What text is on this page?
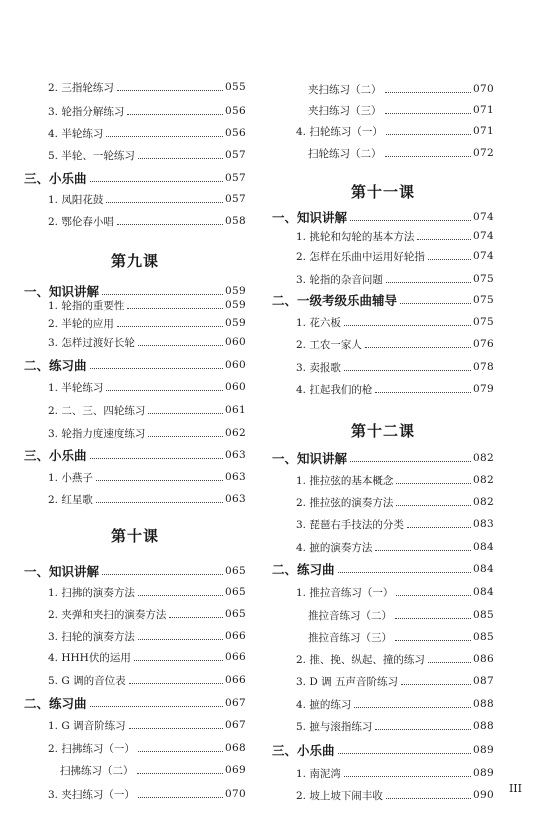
2. 三指轮练习	055
3. 轮指分解练习	056
4. 半轮练习	056
5. 半轮、一轮练习	057
三、小乐曲	057
1. 凤阳花鼓	057
2. 鄂伦春小唱	058
第九课
一、知识讲解	059
1. 轮指的重要性	059
2. 半轮的应用	059
3. 怎样过渡好长轮	060
二、练习曲	060
1. 半轮练习	060
2. 二、三、四轮练习	061
3. 轮指力度速度练习	062
三、小乐曲	063
1. 小燕子	063
2. 红星歌	063
第十课
一、知识讲解	065
1. 扫拂的演奏方法	065
2. 夹弹和夹扫的演奏方法	065
3. 扫轮的演奏方法	066
4. HHH伏的运用	066
5. G 调的音位表	066
二、练习曲	067
1. G 调音阶练习	067
2. 扫拂练习（一）	068
扫拂练习（二）	069
3. 夹扫练习（一）	070
夹扫练习（二）	070
夹扫练习（三）	071
4. 扫轮练习（一）	071
扫轮练习（二）	072
第十一课
一、知识讲解	074
1. 挑轮和勾轮的基本方法	074
2. 怎样在乐曲中运用好轮指	074
3. 轮指的杂音问题	075
二、一级考级乐曲辅导	075
1. 花六板	075
2. 工农一家人	076
3. 卖报歌	078
4. 扛起我们的枪	079
第十二课
一、知识讲解	082
1. 推拉弦的基本概念	082
2. 推拉弦的演奏方法	082
3. 琵琶右手技法的分类	083
4. 摭的演奏方法	084
二、练习曲	084
1. 推拉音练习（一）	084
推拉音练习（二）	085
推拉音练习（三）	085
2. 推、挽、纵起、撞的练习	086
3. D 调 五声音阶练习	087
4. 摭的练习	088
5. 摭与滚指练习	088
三、小乐曲	089
1. 南泥湾	089
2. 坡上坡下闹丰收	090 III
